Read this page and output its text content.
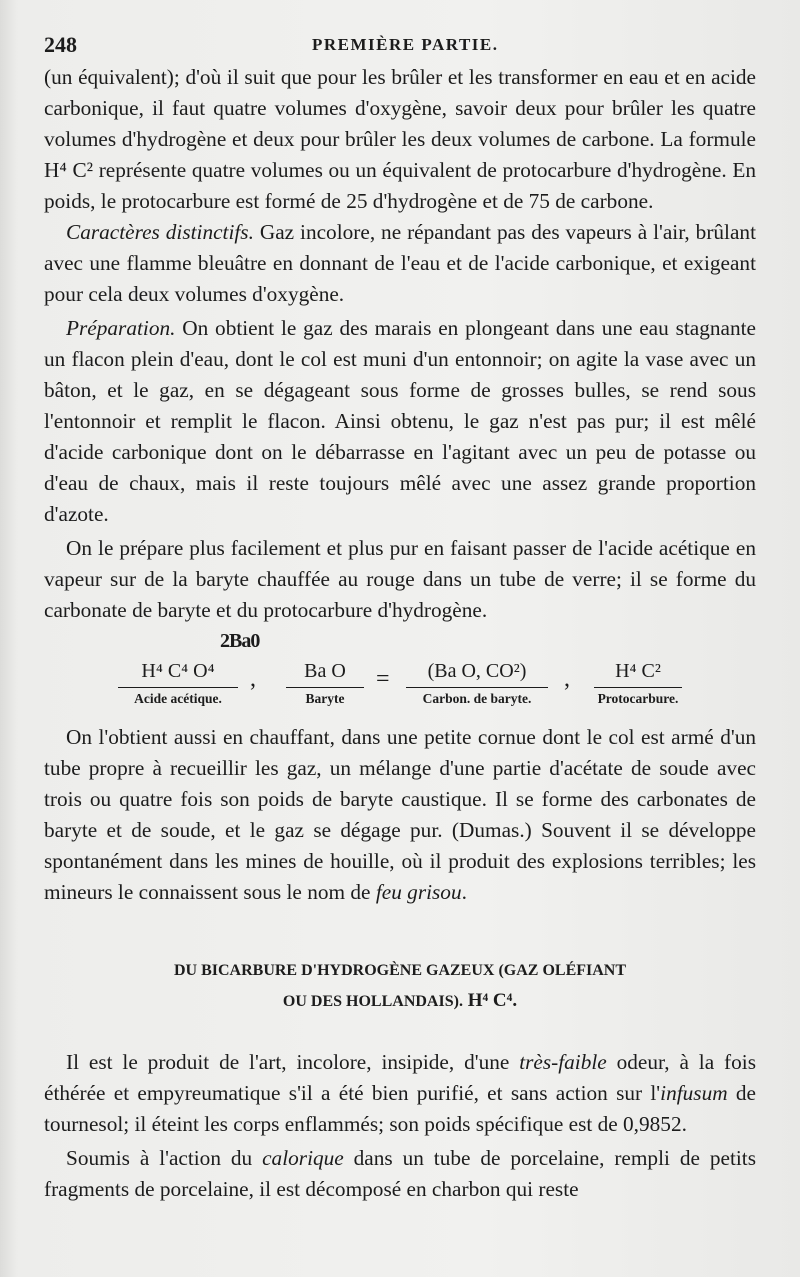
248	PREMIÈRE PARTIE.

(un équivalent); d'où il suit que pour les brûler et les transformer en eau et en acide carbonique, il faut quatre volumes d'oxygène, savoir deux pour brûler les quatre volumes d'hydrogène et deux pour brûler les deux volumes de carbone. La formule H⁴ C² représente quatre volumes ou un équivalent de protocarbure d'hydrogène. En poids, le protocarbure est formé de 25 d'hydrogène et de 75 de carbone.

Caractères distinctifs. Gaz incolore, ne répandant pas des vapeurs à l'air, brûlant avec une flamme bleuâtre en donnant de l'eau et de l'acide carbonique, et exigeant pour cela deux volumes d'oxygène.

Préparation. On obtient le gaz des marais en plongeant dans une eau stagnante un flacon plein d'eau, dont le col est muni d'un entonnoir; on agite la vase avec un bâton, et le gaz, en se dégageant sous forme de grosses bulles, se rend sous l'entonnoir et remplit le flacon. Ainsi obtenu, le gaz n'est pas pur; il est mêlé d'acide carbonique dont on le débarrasse en l'agitant avec un peu de potasse ou d'eau de chaux, mais il reste toujours mêlé avec une assez grande proportion d'azote.

On le prépare plus facilement et plus pur en faisant passer de l'acide acétique en vapeur sur de la baryte chauffée au rouge dans un tube de verre; il se forme du carbonate de baryte et du protocarbure d'hydrogène.

2Ba0
H⁴ C⁴ O⁴
Acide acétique.
,	Ba O
Baryte
=	(Ba O, CO²)
Carbon. de baryte.
,	H⁴ C²
Protocarbure.

On l'obtient aussi en chauffant, dans une petite cornue dont le col est armé d'un tube propre à recueillir les gaz, un mélange d'une partie d'acétate de soude avec trois ou quatre fois son poids de baryte caustique. Il se forme des carbonates de baryte et de soude, et le gaz se dégage pur. (Dumas.) Souvent il se développe spontanément dans les mines de houille, où il produit des explosions terribles; les mineurs le connaissent sous le nom de feu grisou.

DU BICARBURE D'HYDROGÈNE GAZEUX (GAZ OLÉFIANT
OU DES HOLLANDAIS). H⁴ C⁴.

Il est le produit de l'art, incolore, insipide, d'une très-faible odeur, à la fois éthérée et empyreumatique s'il a été bien purifié, et sans action sur l'infusum de tournesol; il éteint les corps enflammés; son poids spécifique est de 0,9852.

Soumis à l'action du calorique dans un tube de porcelaine, rempli de petits fragments de porcelaine, il est décomposé en charbon qui reste
